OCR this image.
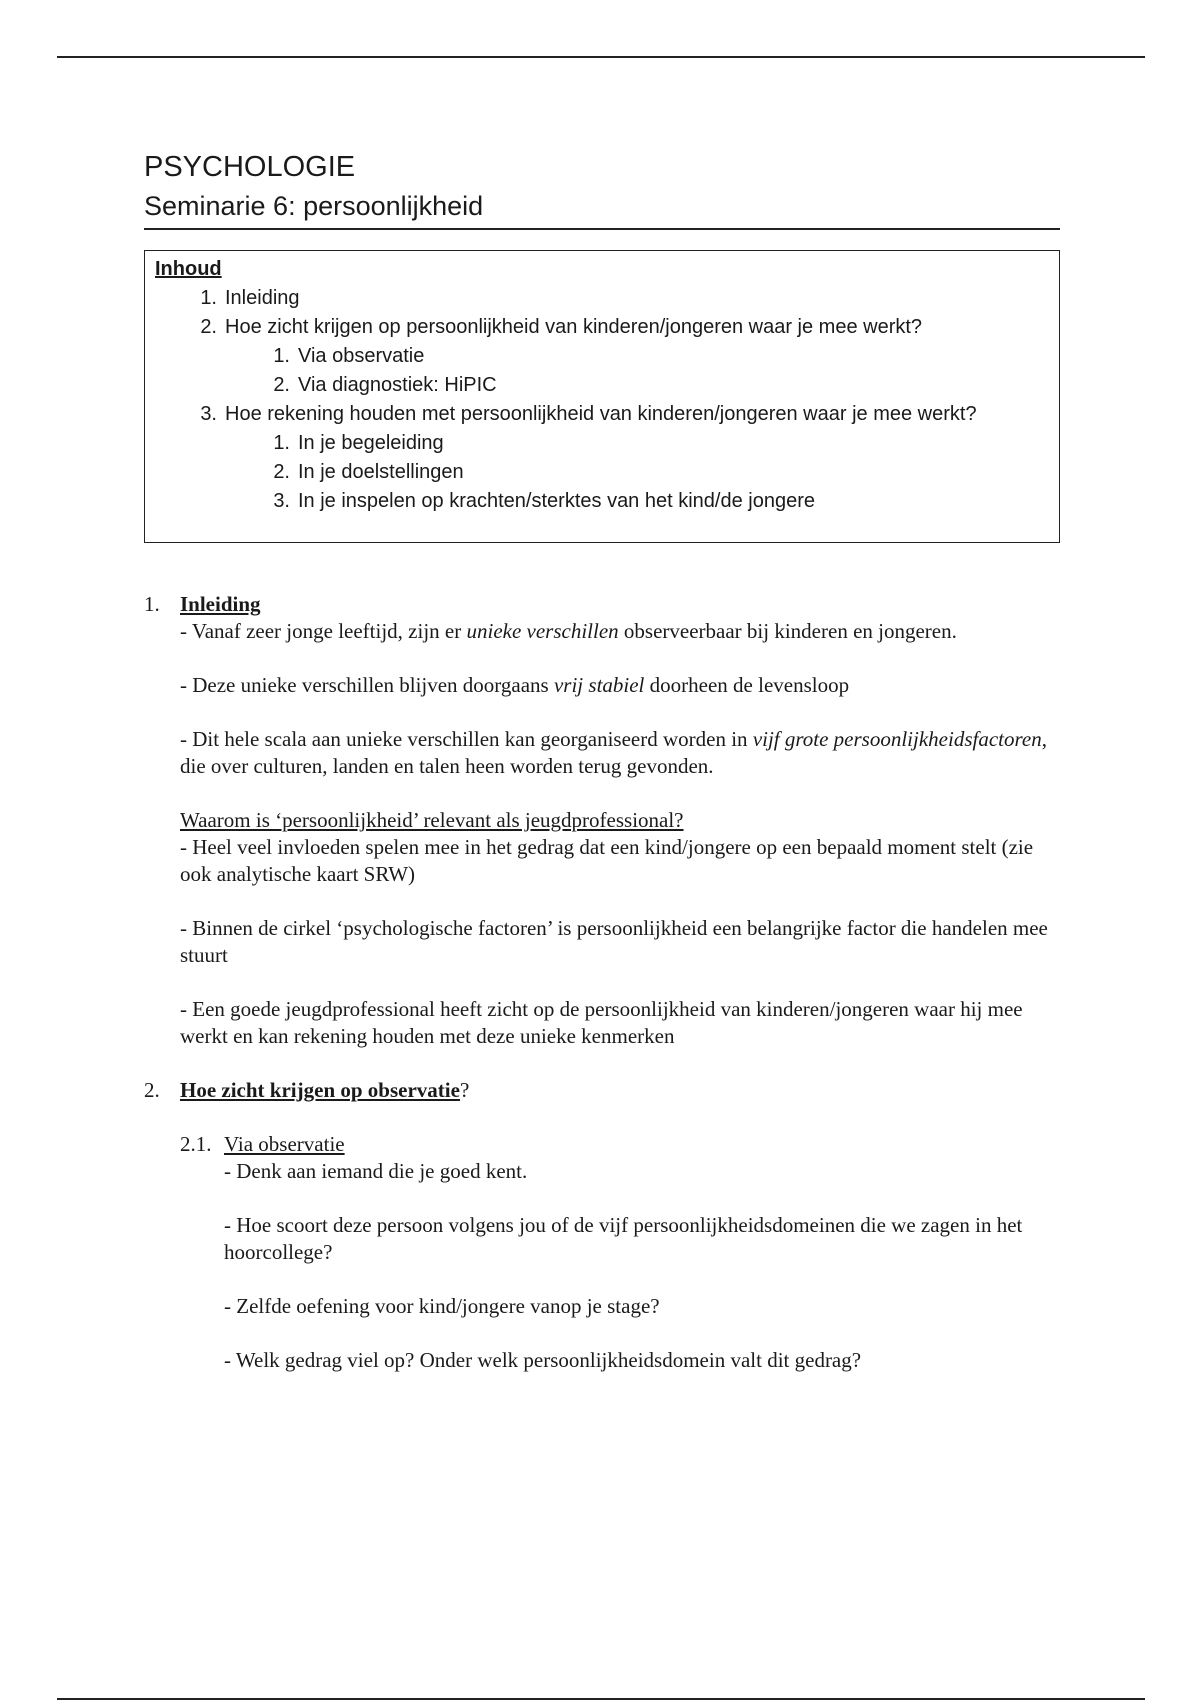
PSYCHOLOGIE
Seminarie 6: persoonlijkheid
Inhoud
1. Inleiding
2. Hoe zicht krijgen op persoonlijkheid van kinderen/jongeren waar je mee werkt?
1. Via observatie
2. Via diagnostiek: HiPIC
3. Hoe rekening houden met persoonlijkheid van kinderen/jongeren waar je mee werkt?
1. In je begeleiding
2. In je doelstellingen
3. In je inspelen op krachten/sterktes van het kind/de jongere
1. Inleiding

- Vanaf zeer jonge leeftijd, zijn er unieke verschillen observeerbaar bij kinderen en jongeren.

- Deze unieke verschillen blijven doorgaans vrij stabiel doorheen de levensloop

- Dit hele scala aan unieke verschillen kan georganiseerd worden in vijf grote persoonlijkheidsfactoren, die over culturen, landen en talen heen worden terug gevonden.

Waarom is ‘persoonlijkheid’ relevant als jeugdprofessional?

- Heel veel invloeden spelen mee in het gedrag dat een kind/jongere op een bepaald moment stelt (zie ook analytische kaart SRW)

- Binnen de cirkel ‘psychologische factoren’ is persoonlijkheid een belangrijke factor die handelen mee stuurt

- Een goede jeugdprofessional heeft zicht op de persoonlijkheid van kinderen/jongeren waar hij mee werkt en kan rekening houden met deze unieke kenmerken

2. Hoe zicht krijgen op observatie?
2.1. Via observatie

- Denk aan iemand die je goed kent.

- Hoe scoort deze persoon volgens jou of de vijf persoonlijkheidsdomeinen die we zagen in het hoorcollege?

- Zelfde oefening voor kind/jongere vanop je stage?

- Welk gedrag viel op? Onder welk persoonlijkheidsdomein valt dit gedrag?
